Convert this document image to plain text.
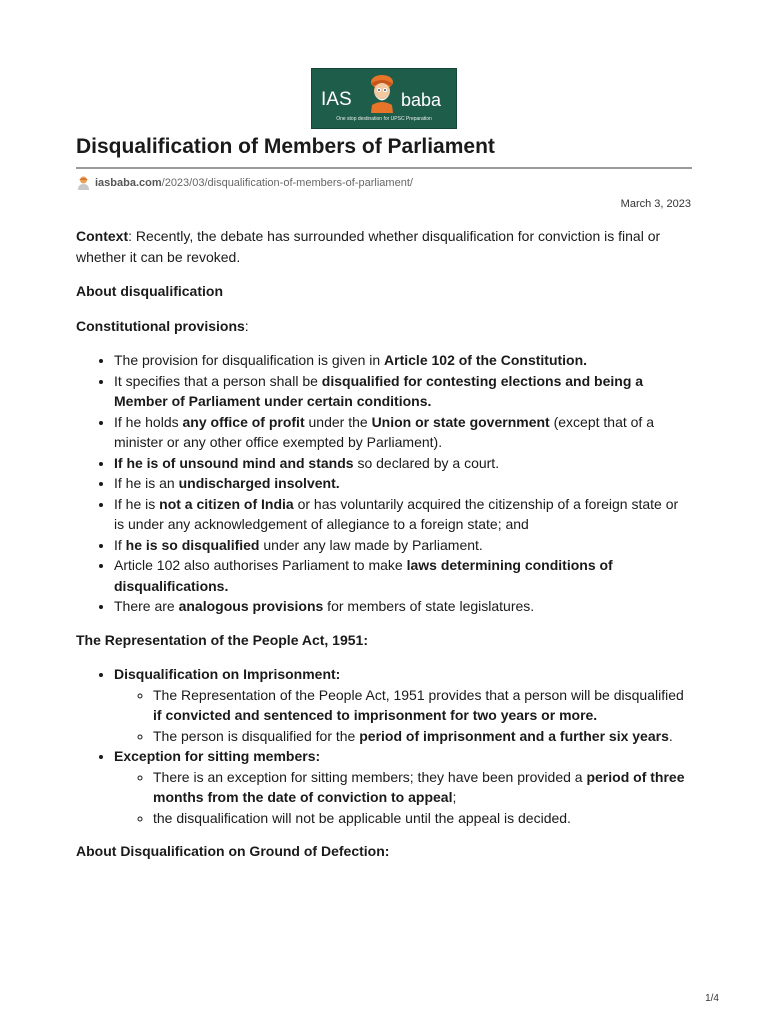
IAS	baba
One stop destination for UPSC Preparation
Disqualification of Members of Parliament
iasbaba.com /2023/03/disqualification-of-members-of-parliament/
March 3, 2023

Context: Recently, the debate has surrounded whether disqualification for conviction is final or whether it can be revoked.

About disqualification

Constitutional provisions:

• The provision for disqualification is given in Article 102 of the Constitution.
• It specifies that a person shall be disqualified for contesting elections and being a Member of Parliament under certain conditions.
• If he holds any office of profit under the Union or state government (except that of a minister or any other office exempted by Parliament).
• If he is of unsound mind and stands so declared by a court.
• If he is an undischarged insolvent.
• If he is not a citizen of India or has voluntarily acquired the citizenship of a foreign state or is under any acknowledgement of allegiance to a foreign state; and
• If he is so disqualified under any law made by Parliament.
• Article 102 also authorises Parliament to make laws determining conditions of disqualifications.
• There are analogous provisions for members of state legislatures.

The Representation of the People Act, 1951:

• Disqualification on Imprisonment:
◦ The Representation of the People Act, 1951 provides that a person will be disqualified if convicted and sentenced to imprisonment for two years or more.
◦ The person is disqualified for the period of imprisonment and a further six years.
• Exception for sitting members:
◦ There is an exception for sitting members; they have been provided a period of three months from the date of conviction to appeal;
◦ the disqualification will not be applicable until the appeal is decided.

About Disqualification on Ground of Defection:

1/4
